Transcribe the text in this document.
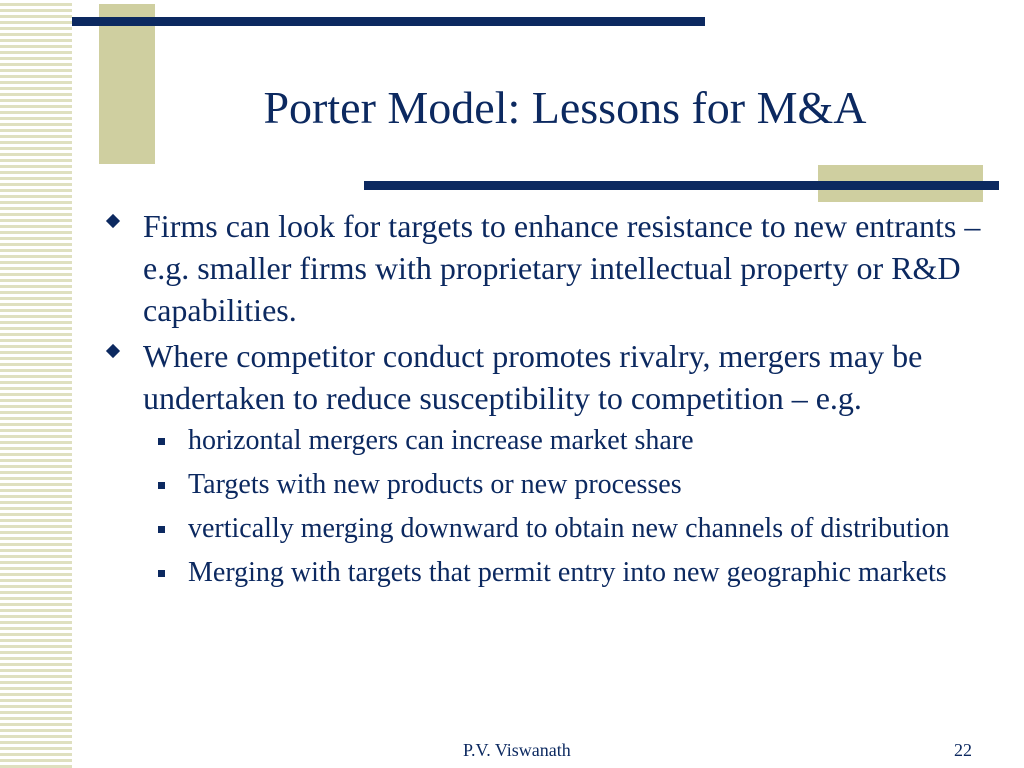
Porter Model: Lessons for M&A
Firms can look for targets to enhance resistance to new entrants – e.g. smaller firms with proprietary intellectual property or R&D capabilities.
Where competitor conduct promotes rivalry, mergers may be undertaken to reduce susceptibility to competition – e.g.
horizontal mergers can increase market share
Targets with new products or new processes
vertically merging downward to obtain new channels of distribution
Merging with targets that permit entry into new geographic markets
P.V. Viswanath	22
